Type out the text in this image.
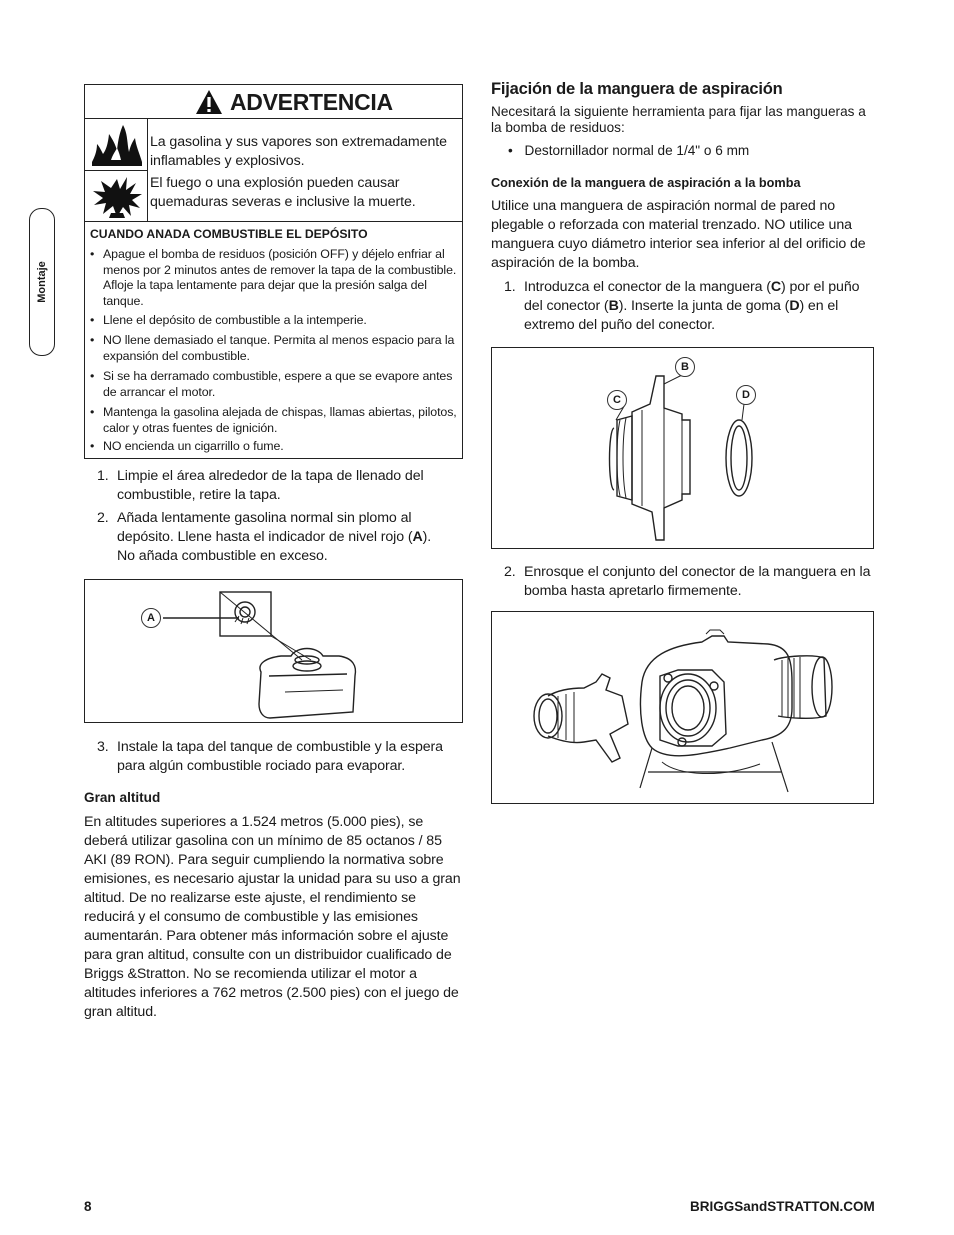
Montaje
ADVERTENCIA
La gasolina y sus vapores son extremadamente inflamables y explosivos.
El fuego o una explosión pueden causar quemaduras severas e inclusive la muerte.
CUANDO ANADA COMBUSTIBLE EL DEPÓSITO
• Apague el bomba de residuos (posición OFF) y déjelo enfriar al menos por 2 minutos antes de remover la tapa de la combustible. Afloje la tapa lentamente para dejar que la presión salga del tanque.
• Llene el depósito de combustible a la intemperie.
• NO llene demasiado el tanque. Permita al menos espacio para la expansión del combustible.
• Si se ha derramado combustible, espere a que se evapore antes de arrancar el motor.
• Mantenga la gasolina alejada de chispas, llamas abiertas, pilotos, calor y otras fuentes de ignición.
• NO encienda un cigarrillo o fume.
1. Limpie el área alrededor de la tapa de llenado del combustible, retire la tapa.
2. Añada lentamente gasolina normal sin plomo al depósito. Llene hasta el indicador de nivel rojo (A). No añada combustible en exceso.
A
3. Instale la tapa del tanque de combustible y la espera para algún combustible rociado para evaporar.
Gran altitud
En altitudes superiores a 1.524 metros (5.000 pies), se deberá utilizar gasolina con un mínimo de 85 octanos / 85 AKI (89 RON). Para seguir cumpliendo la normativa sobre emisiones, es necesario ajustar la unidad para su uso a gran altitud. De no realizarse este ajuste, el rendimiento se reducirá y el consumo de combustible y las emisiones aumentarán. Para obtener más información sobre el ajuste para gran altitud, consulte con un distribuidor cualificado de Briggs &Stratton. No se recomienda utilizar el motor a altitudes inferiores a 762 metros (2.500 pies) con el juego de gran altitud.
Fijación de la manguera de aspiración
Necesitará la siguiente herramienta para fijar las mangueras a la bomba de residuos:
• Destornillador normal de 1/4" o 6 mm
Conexión de la manguera de aspiración a la bomba
Utilice una manguera de aspiración normal de pared no plegable o reforzada con material trenzado. NO utilice una manguera cuyo diámetro interior sea inferior al del orificio de aspiración de la bomba.
1. Introduzca el conector de la manguera (C) por el puño del conector (B). Inserte la junta de goma (D) en el extremo del puño del conector.
B
C	D
2. Enrosque el conjunto del conector de la manguera en la bomba hasta apretarlo firmemente.
8	BRIGGSandSTRATTON.COM
